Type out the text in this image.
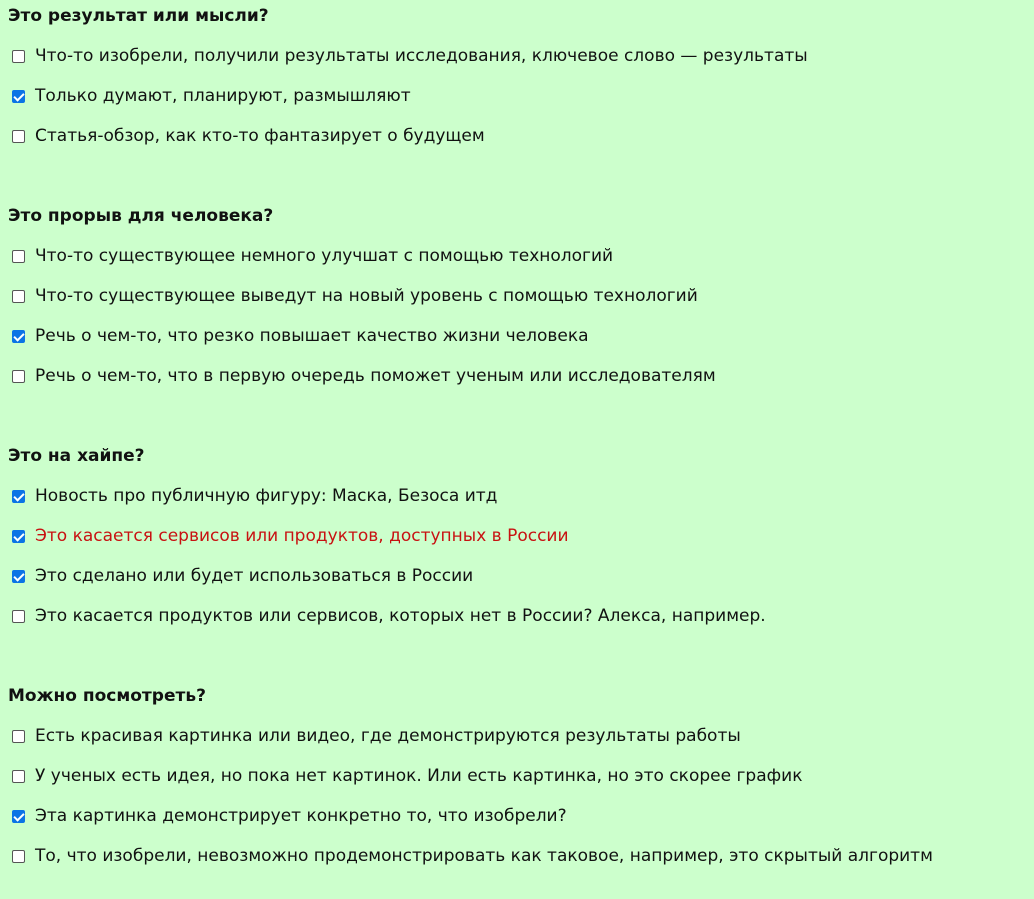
Это результат или мысли?
Что-то изобрели, получили результаты исследования, ключевое слово — результаты
Только думают, планируют, размышляют
Статья-обзор, как кто-то фантазирует о будущем
Это прорыв для человека?
Что-то существующее немного улучшат с помощью технологий
Что-то существующее выведут на новый уровень с помощью технологий
Речь о чем-то, что резко повышает качество жизни человека
Речь о чем-то, что в первую очередь поможет ученым или исследователям
Это на хайпе?
Новость про публичную фигуру: Маска, Безоса итд
Это касается сервисов или продуктов, доступных в России
Это сделано или будет использоваться в России
Это касается продуктов или сервисов, которых нет в России? Алекса, например.
Можно посмотреть?
Есть красивая картинка или видео, где демонстрируются результаты работы
У ученых есть идея, но пока нет картинок. Или есть картинка, но это скорее график
Эта картинка демонстрирует конкретно то, что изобрели?
То, что изобрели, невозможно продемонстрировать как таковое, например, это скрытый алгоритм
